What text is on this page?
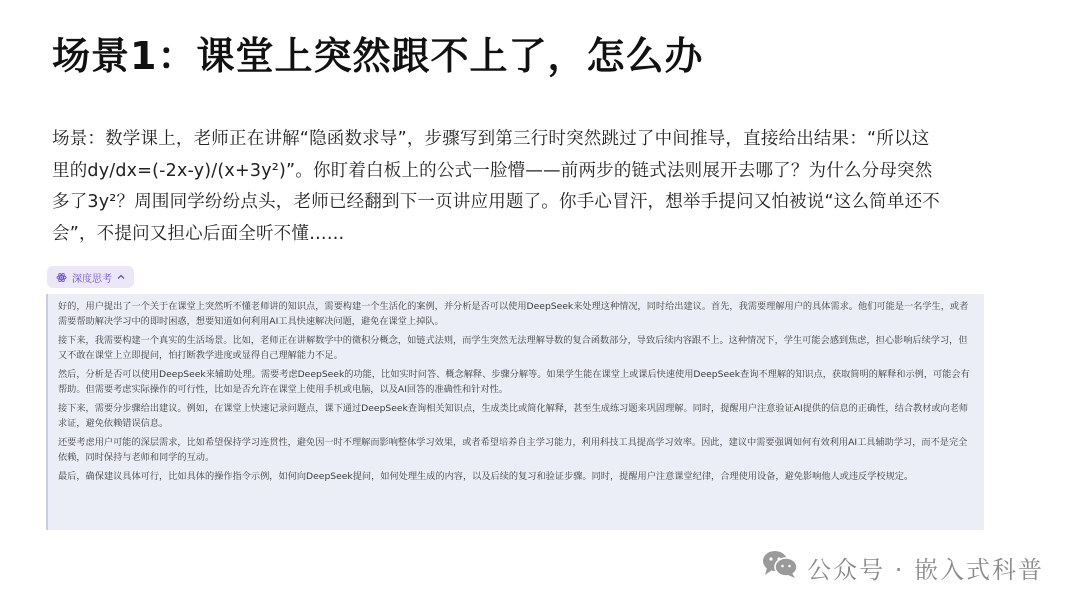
场景1：课堂上突然跟不上了，怎么办
场景：数学课上，老师正在讲解“隐函数求导”，步骤写到第三行时突然跳过了中间推导，直接给出结果：“所以这里的dy/dx=(-2x-y)/(x+3y²)”。你盯着白板上的公式一脸懵——前两步的链式法则展开去哪了？为什么分母突然多了3y²？周围同学纷纷点头，老师已经翻到下一页讲应用题了。你手心冒汗，想举手提问又怕被说“这么简单还不会”，不提问又担心后面全听不懂……
深度思考

好的，用户提出了一个关于在课堂上突然听不懂老师讲的知识点，需要构建一个生活化的案例，并分析是否可以使用DeepSeek来处理这种情况，同时给出建议。首先，我需要理解用户的具体需求。他们可能是一名学生，或者需要帮助解决学习中的即时困惑，想要知道如何利用AI工具快速解决问题，避免在课堂上掉队。

接下来，我需要构建一个真实的生活场景。比如，老师正在讲解数学中的微积分概念，如链式法则，而学生突然无法理解导数的复合函数部分，导致后续内容跟不上。这种情况下，学生可能会感到焦虑，担心影响后续学习，但又不敢在课堂上立即提问，怕打断教学进度或显得自己理解能力不足。

然后，分析是否可以使用DeepSeek来辅助处理。需要考虑DeepSeek的功能，比如实时问答、概念解释、步骤分解等。如果学生能在课堂上或课后快速使用DeepSeek查询不理解的知识点，获取简明的解释和示例，可能会有帮助。但需要考虑实际操作的可行性，比如是否允许在课堂上使用手机或电脑，以及AI回答的准确性和针对性。

接下来，需要分步骤给出建议。例如，在课堂上快速记录问题点，课下通过DeepSeek查询相关知识点，生成类比或简化解释，甚至生成练习题来巩固理解。同时，提醒用户注意验证AI提供的信息的正确性，结合教材或向老师求证，避免依赖错误信息。

还要考虑用户可能的深层需求，比如希望保持学习连贯性，避免因一时不理解而影响整体学习效果，或者希望培养自主学习能力，利用科技工具提高学习效率。因此，建议中需要强调如何有效利用AI工具辅助学习，而不是完全依赖，同时保持与老师和同学的互动。

最后，确保建议具体可行，比如具体的操作指令示例，如何向DeepSeek提问，如何处理生成的内容，以及后续的复习和验证步骤。同时，提醒用户注意课堂纪律，合理使用设备，避免影响他人或违反学校规定。

公众号 · 嵌入式科普
